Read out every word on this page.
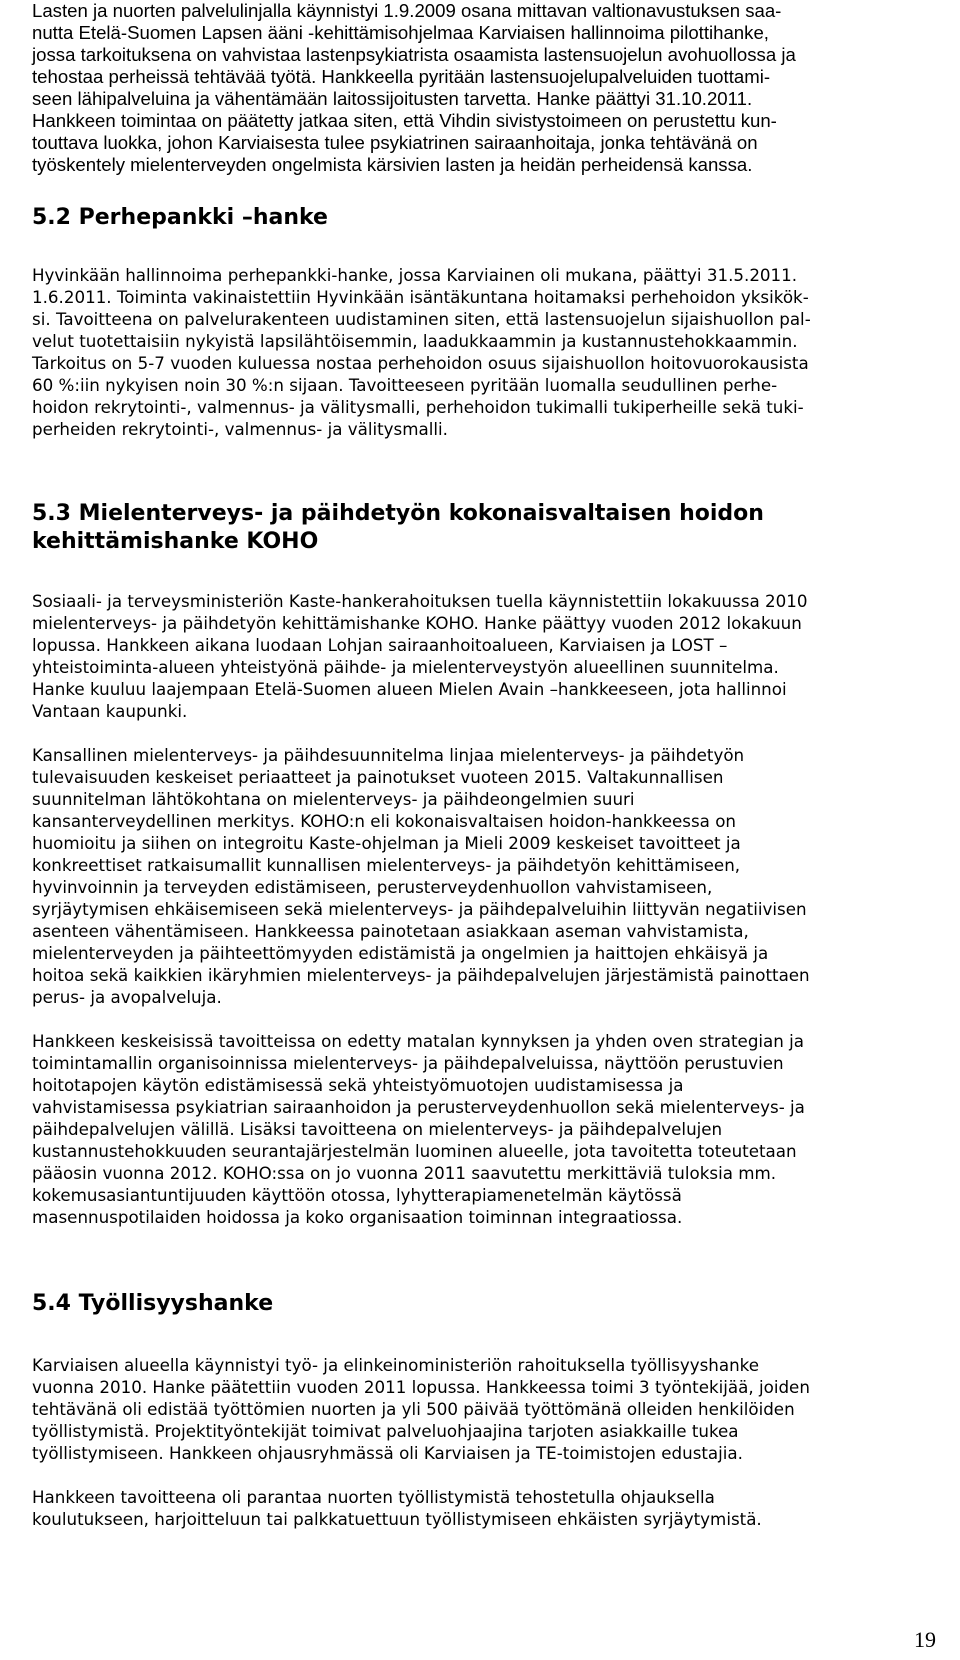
Lasten ja nuorten palvelulinjalla käynnistyi 1.9.2009 osana mittavan valtionavustuksen saa-
nutta Etelä-Suomen Lapsen ääni -kehittämisohjelmaa Karviaisen hallinnoima pilottihanke,
jossa tarkoituksena on vahvistaa lastenpsykiatrista osaamista lastensuojelun avohuollossa ja
tehostaa perheissä tehtävää työtä. Hankkeella pyritään lastensuojelupalveluiden tuottami-
seen lähipalveluina ja vähentämään laitossijoitusten tarvetta. Hanke päättyi 31.10.2011.
Hankkeen toimintaa on päätetty jatkaa siten, että Vihdin sivistystoimeen on perustettu kun-
touttava luokka, johon Karviaisesta tulee psykiatrinen sairaanhoitaja, jonka tehtävänä on
työskentely mielenterveyden ongelmista kärsivien lasten ja heidän perheidensä kanssa.
5.2 Perhepankki –hanke
Hyvinkään hallinnoima perhepankki-hanke, jossa Karviainen oli mukana, päättyi 31.5.2011.
1.6.2011. Toiminta vakinaistettiin Hyvinkään isäntäkuntana hoitamaksi perhehoidon yksikök-
si. Tavoitteena on palvelurakenteen uudistaminen siten, että lastensuojelun sijaishuollon pal-
velut tuotettaisiin nykyistä lapsilähtöisemmin, laadukkaammin ja kustannustehokkaammin.
Tarkoitus on 5-7 vuoden kuluessa nostaa perhehoidon osuus sijaishuollon hoitovuorokausista
60 %:iin nykyisen noin 30 %:n sijaan. Tavoitteeseen pyritään luomalla seudullinen perhe-
hoidon rekrytointi-, valmennus- ja välitysmalli, perhehoidon tukimalli tukiperheille sekä tuki-
perheiden rekrytointi-, valmennus- ja välitysmalli.
5.3 Mielenterveys- ja päihdetyön kokonaisvaltaisen hoidon
kehittämishanke KOHO
Sosiaali- ja terveysministeriön Kaste-hankerahoituksen tuella käynnistettiin lokakuussa 2010
mielenterveys- ja päihdetyön kehittämishanke KOHO. Hanke päättyy vuoden 2012 lokakuun
lopussa. Hankkeen aikana luodaan Lohjan sairaanhoitoalueen, Karviaisen ja LOST –
yhteistoiminta-alueen yhteistyönä päihde- ja mielenterveystyön alueellinen suunnitelma.
Hanke kuuluu laajempaan Etelä-Suomen alueen Mielen Avain –hankkeeseen, jota hallinnoi
Vantaan kaupunki.
Kansallinen mielenterveys- ja päihdesuunnitelma linjaa mielenterveys- ja päihdetyön
tulevaisuuden keskeiset periaatteet ja painotukset vuoteen 2015. Valtakunnallisen
suunnitelman lähtökohtana on mielenterveys- ja päihdeongelmien suuri
kansanterveydellinen merkitys. KOHO:n eli kokonaisvaltaisen hoidon-hankkeessa on
huomioitu ja siihen on integroitu Kaste-ohjelman ja Mieli 2009 keskeiset tavoitteet ja
konkreettiset ratkaisumallit kunnallisen mielenterveys- ja päihdetyön kehittämiseen,
hyvinvoinnin ja terveyden edistämiseen, perusterveydenhuollon vahvistamiseen,
syrjäytymisen ehkäisemiseen sekä mielenterveys- ja päihdepalveluihin liittyvän negatiivisen
asenteen vähentämiseen. Hankkeessa painotetaan asiakkaan aseman vahvistamista,
mielenterveyden ja päihteettömyyden edistämistä ja ongelmien ja haittojen ehkäisyä ja
hoitoa sekä kaikkien ikäryhmien mielenterveys- ja päihdepalvelujen järjestämistä painottaen
perus- ja avopalveluja.
Hankkeen keskeisissä tavoitteissa on edetty matalan kynnyksen ja yhden oven strategian ja
toimintamallin organisoinnissa mielenterveys- ja päihdepalveluissa, näyttöön perustuvien
hoitotapojen käytön edistämisessä sekä yhteistyömuotojen uudistamisessa ja
vahvistamisessa psykiatrian sairaanhoidon ja perusterveydenhuollon sekä mielenterveys- ja
päihdepalvelujen välillä. Lisäksi tavoitteena on mielenterveys- ja päihdepalvelujen
kustannustehokkuuden seurantajärjestelmän luominen alueelle, jota tavoitetta toteutetaan
pääosin vuonna 2012. KOHO:ssa on jo vuonna 2011 saavutettu merkittäviä tuloksia mm.
kokemusasiantuntijuuden käyttöön otossa, lyhytterapiamenetelmän käytössä
masennuspotilaiden hoidossa ja koko organisaation toiminnan integraatiossa.
5.4 Työllisyyshanke
Karviaisen alueella käynnistyi työ- ja elinkeinoministeriön rahoituksella työllisyyshanke
vuonna 2010. Hanke päätettiin vuoden 2011 lopussa. Hankkeessa toimi 3 työntekijää, joiden
tehtävänä oli edistää työttömien nuorten ja yli 500 päivää työttömänä olleiden henkilöiden
työllistymistä. Projektityöntekijät toimivat palveluohjaajina tarjoten asiakkaille tukea
työllistymiseen. Hankkeen ohjausryhmässä oli Karviaisen ja TE-toimistojen edustajia.
Hankkeen tavoitteena oli parantaa nuorten työllistymistä tehostetulla ohjauksella
koulutukseen, harjoitteluun tai palkkatuettuun työllistymiseen ehkäisten syrjäytymistä.
19
